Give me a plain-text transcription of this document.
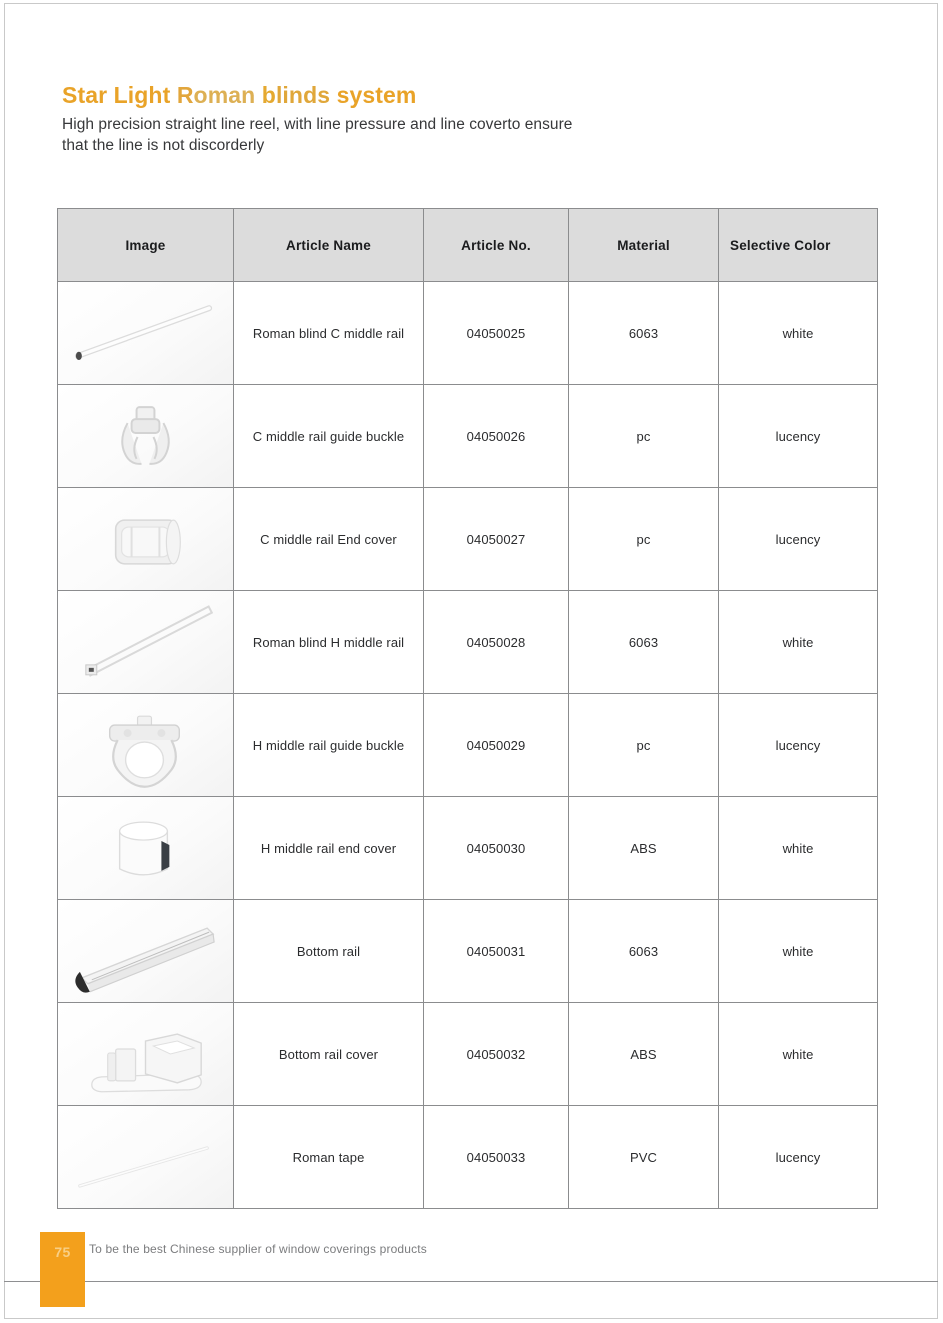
Star Light Roman blinds system

High precision straight line reel, with line pressure and line coverto ensure that the line is not discorderly

Image	Article Name	Article No.	Material	Selective Color

	Roman blind C middle rail	04050025	6063	white

	C middle rail guide buckle	04050026	pc	lucency

	C middle rail End cover	04050027	pc	lucency

	Roman blind H middle rail	04050028	6063	white

	H middle rail guide buckle	04050029	pc	lucency

	H middle rail end cover	04050030	ABS	white

	Bottom rail	04050031	6063	white

	Bottom rail cover	04050032	ABS	white

	Roman tape	04050033	PVC	lucency
75	To be the best Chinese supplier of window coverings products
